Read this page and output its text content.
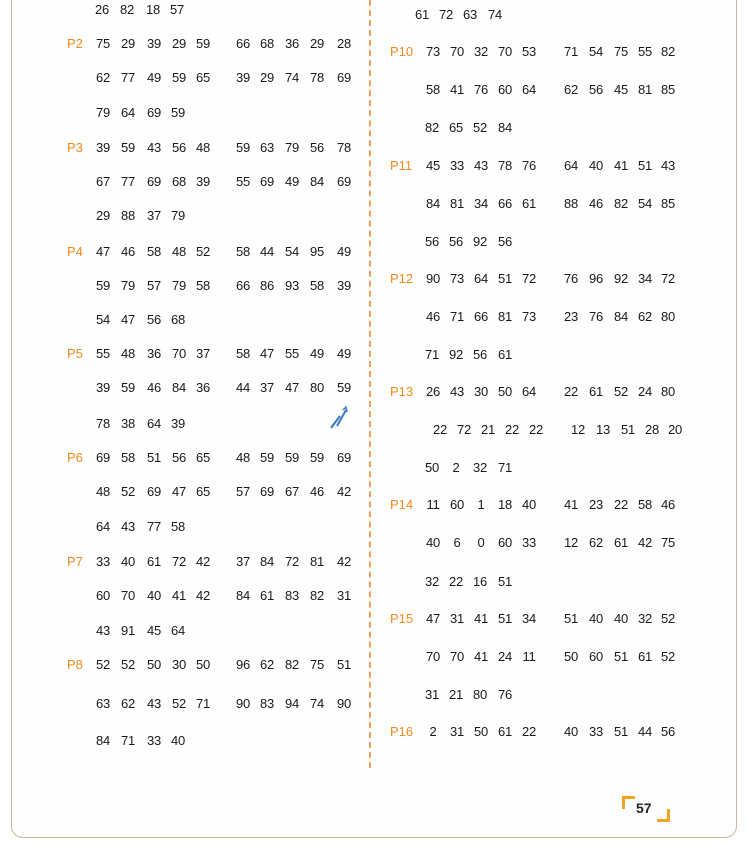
26 82 18 57
P2 75 29 39 29 59 66 68 36 29 28
62 77 49 59 65 39 29 74 78 69
79 64 69 59
P3 39 59 43 56 48 59 63 79 56 78
67 77 69 68 39 55 69 49 84 69
29 88 37 79
P4 47 46 58 48 52 58 44 54 95 49
59 79 57 79 58 66 86 93 58 39
54 47 56 68
P5 55 48 36 70 37 58 47 55 49 49
39 59 46 84 36 44 37 47 80 59
78 38 64 39
P6 69 58 51 56 65 48 59 59 59 69
48 52 69 47 65 57 69 67 46 42
64 43 77 58
P7 33 40 61 72 42 37 84 72 81 42
60 70 40 41 42 84 61 83 82 31
43 91 45 64
P8 52 52 50 30 50 96 62 82 75 51
63 62 43 52 71 90 83 94 74 90
84 71 33 40
61 72 63 74
P10 73 70 32 70 53 71 54 75 55 82
58 41 76 60 64 62 56 45 81 85
82 65 52 84
P11 45 33 43 78 76 64 40 41 51 43
84 81 34 66 61 88 46 82 54 85
56 56 92 56
P12 90 73 64 51 72 76 96 92 34 72
46 71 66 81 73 23 76 84 62 80
71 92 56 61
P13 26 43 30 50 64 22 61 52 24 80
22 72 21 22 22 12 13 51 28 20
50 2 32 71
P14 11 60 1 18 40 41 23 22 58 46
40 6 0 60 33 12 62 61 42 75
32 22 16 51
P15 47 31 41 51 34 51 40 40 32 52
70 70 41 24 11 50 60 51 61 52
31 21 80 76
P16 2 31 50 61 22 40 33 51 44 56
57
